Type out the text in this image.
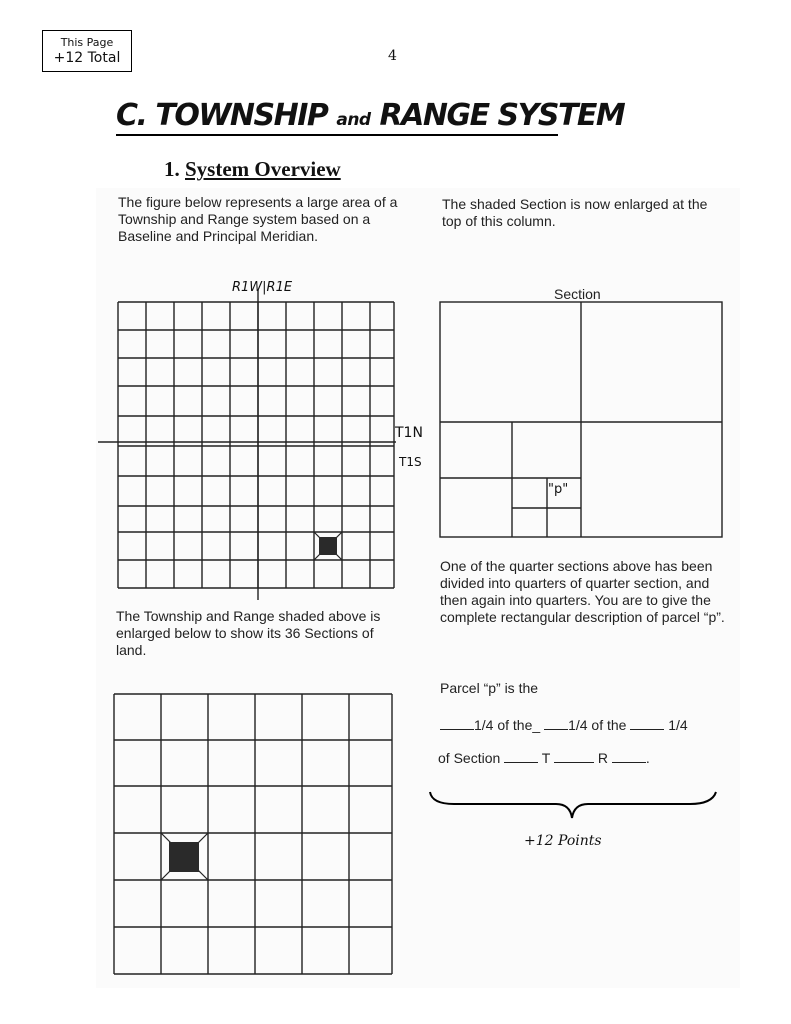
This Page
+12 Total	4
C. TOWNSHIP and RANGE SYSTEM
1. System Overview
The figure below represents a large area of a Township and Range system based on a Baseline and Principal Meridian.
R1W|R1E
T1N
T1S
The Township and Range shaded above is enlarged below to show its 36 Sections of land.
The shaded Section is now enlarged at the top of this column.
Section
"p"
One of the quarter sections above has been divided into quarters of quarter section, and then again into quarters. You are to give the complete rectangular description of parcel “p”.
Parcel “p” is the
1/4 of the_ 1/4 of the	1/4
of Section	T	R	.
+12 Points
